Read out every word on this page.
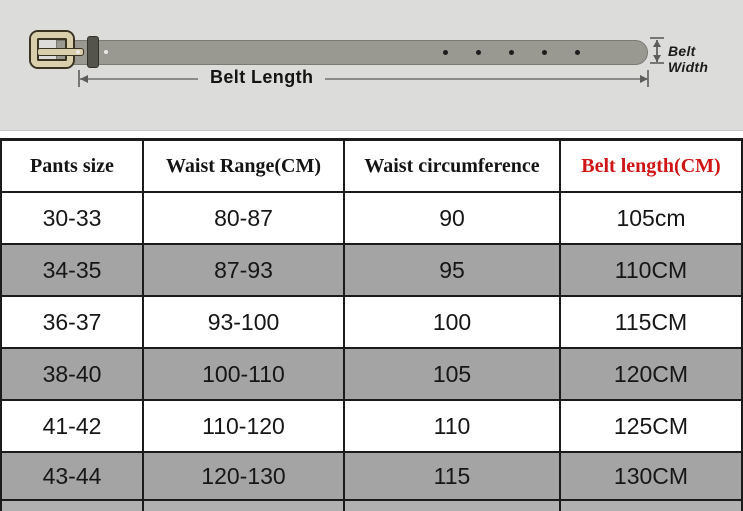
Belt Length
Belt Width
Pants size	Waist Range(CM)	Waist circumference	Belt length(CM)
30-33	80-87	90	105cm
34-35	87-93	95	110CM
36-37	93-100	100	115CM
38-40	100-110	105	120CM
41-42	110-120	110	125CM
43-44	120-130	115	130CM
